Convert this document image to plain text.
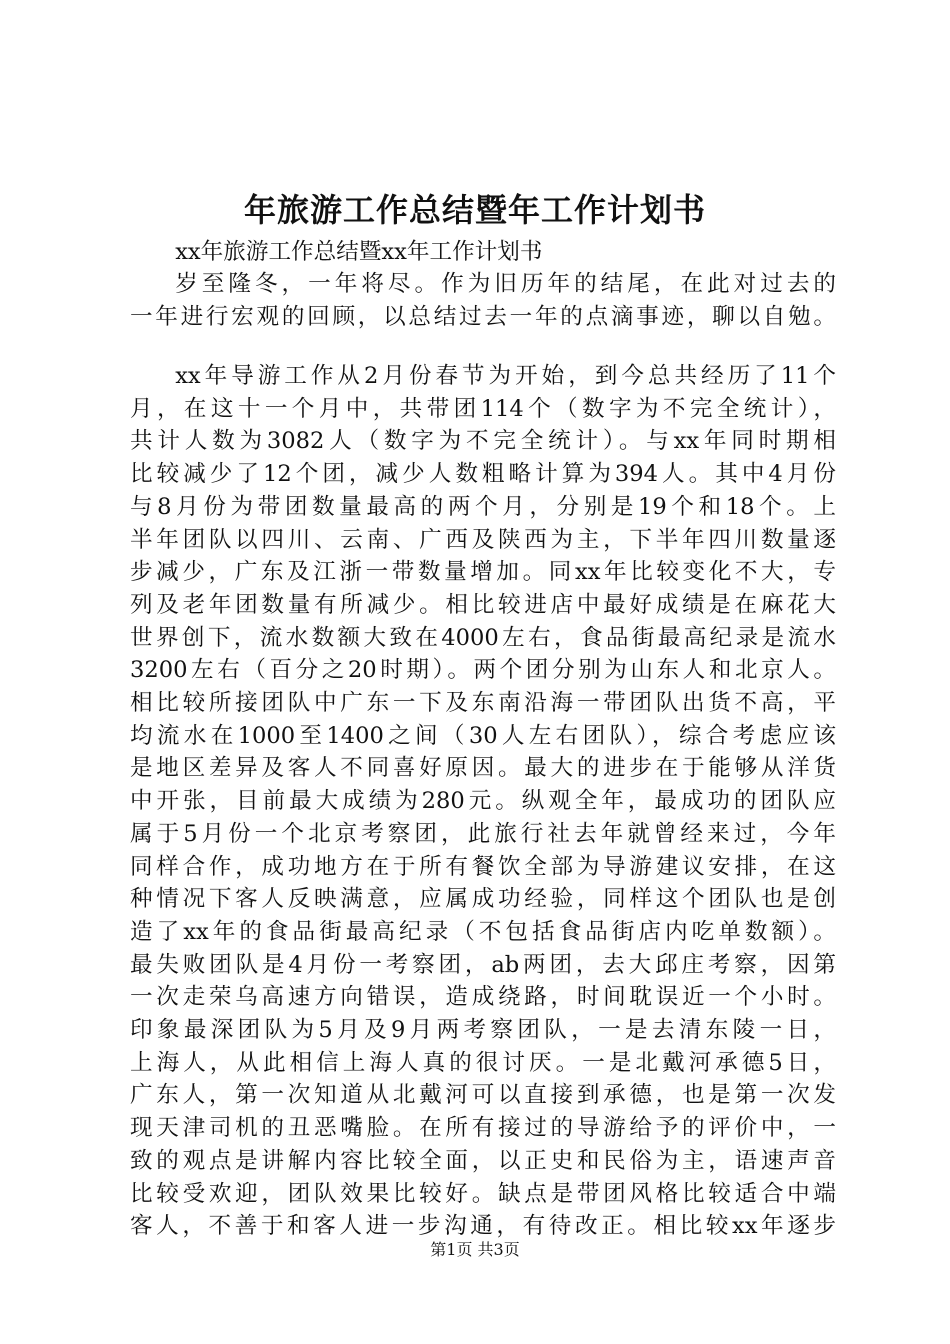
年旅游工作总结暨年工作计划书
xx年旅游工作总结暨xx年工作计划书
岁至隆冬，一年将尽。作为旧历年的结尾，在此对过去的
一年进行宏观的回顾，以总结过去一年的点滴事迹，聊以自勉。
xx年导游工作从2月份春节为开始，到今总共经历了11个
月，在这十一个月中，共带团114个（数字为不完全统计），
共计人数为3082人（数字为不完全统计）。与xx年同时期相
比较减少了12个团，减少人数粗略计算为394人。其中4月份
与8月份为带团数量最高的两个月，分别是19个和18个。上
半年团队以四川、云南、广西及陕西为主，下半年四川数量逐
步减少，广东及江浙一带数量增加。同xx年比较变化不大，专
列及老年团数量有所减少。相比较进店中最好成绩是在麻花大
世界创下，流水数额大致在4000左右，食品街最高纪录是流水
3200左右（百分之20时期）。两个团分别为山东人和北京人。
相比较所接团队中广东一下及东南沿海一带团队出货不高，平
均流水在1000至1400之间（30人左右团队），综合考虑应该
是地区差异及客人不同喜好原因。最大的进步在于能够从洋货
中开张，目前最大成绩为280元。纵观全年，最成功的团队应
属于5月份一个北京考察团，此旅行社去年就曾经来过，今年
同样合作，成功地方在于所有餐饮全部为导游建议安排，在这
种情况下客人反映满意，应属成功经验，同样这个团队也是创
造了xx年的食品街最高纪录（不包括食品街店内吃单数额）。
最失败团队是4月份一考察团，ab两团，去大邱庄考察，因第
一次走荣乌高速方向错误，造成绕路，时间耽误近一个小时。
印象最深团队为5月及9月两考察团队，一是去清东陵一日，
上海人，从此相信上海人真的很讨厌。一是北戴河承德5日，
广东人，第一次知道从北戴河可以直接到承德，也是第一次发
现天津司机的丑恶嘴脸。在所有接过的导游给予的评价中，一
致的观点是讲解内容比较全面，以正史和民俗为主，语速声音
比较受欢迎，团队效果比较好。缺点是带团风格比较适合中端
客人，不善于和客人进一步沟通，有待改正。相比较xx年逐步
第1页 共3页
